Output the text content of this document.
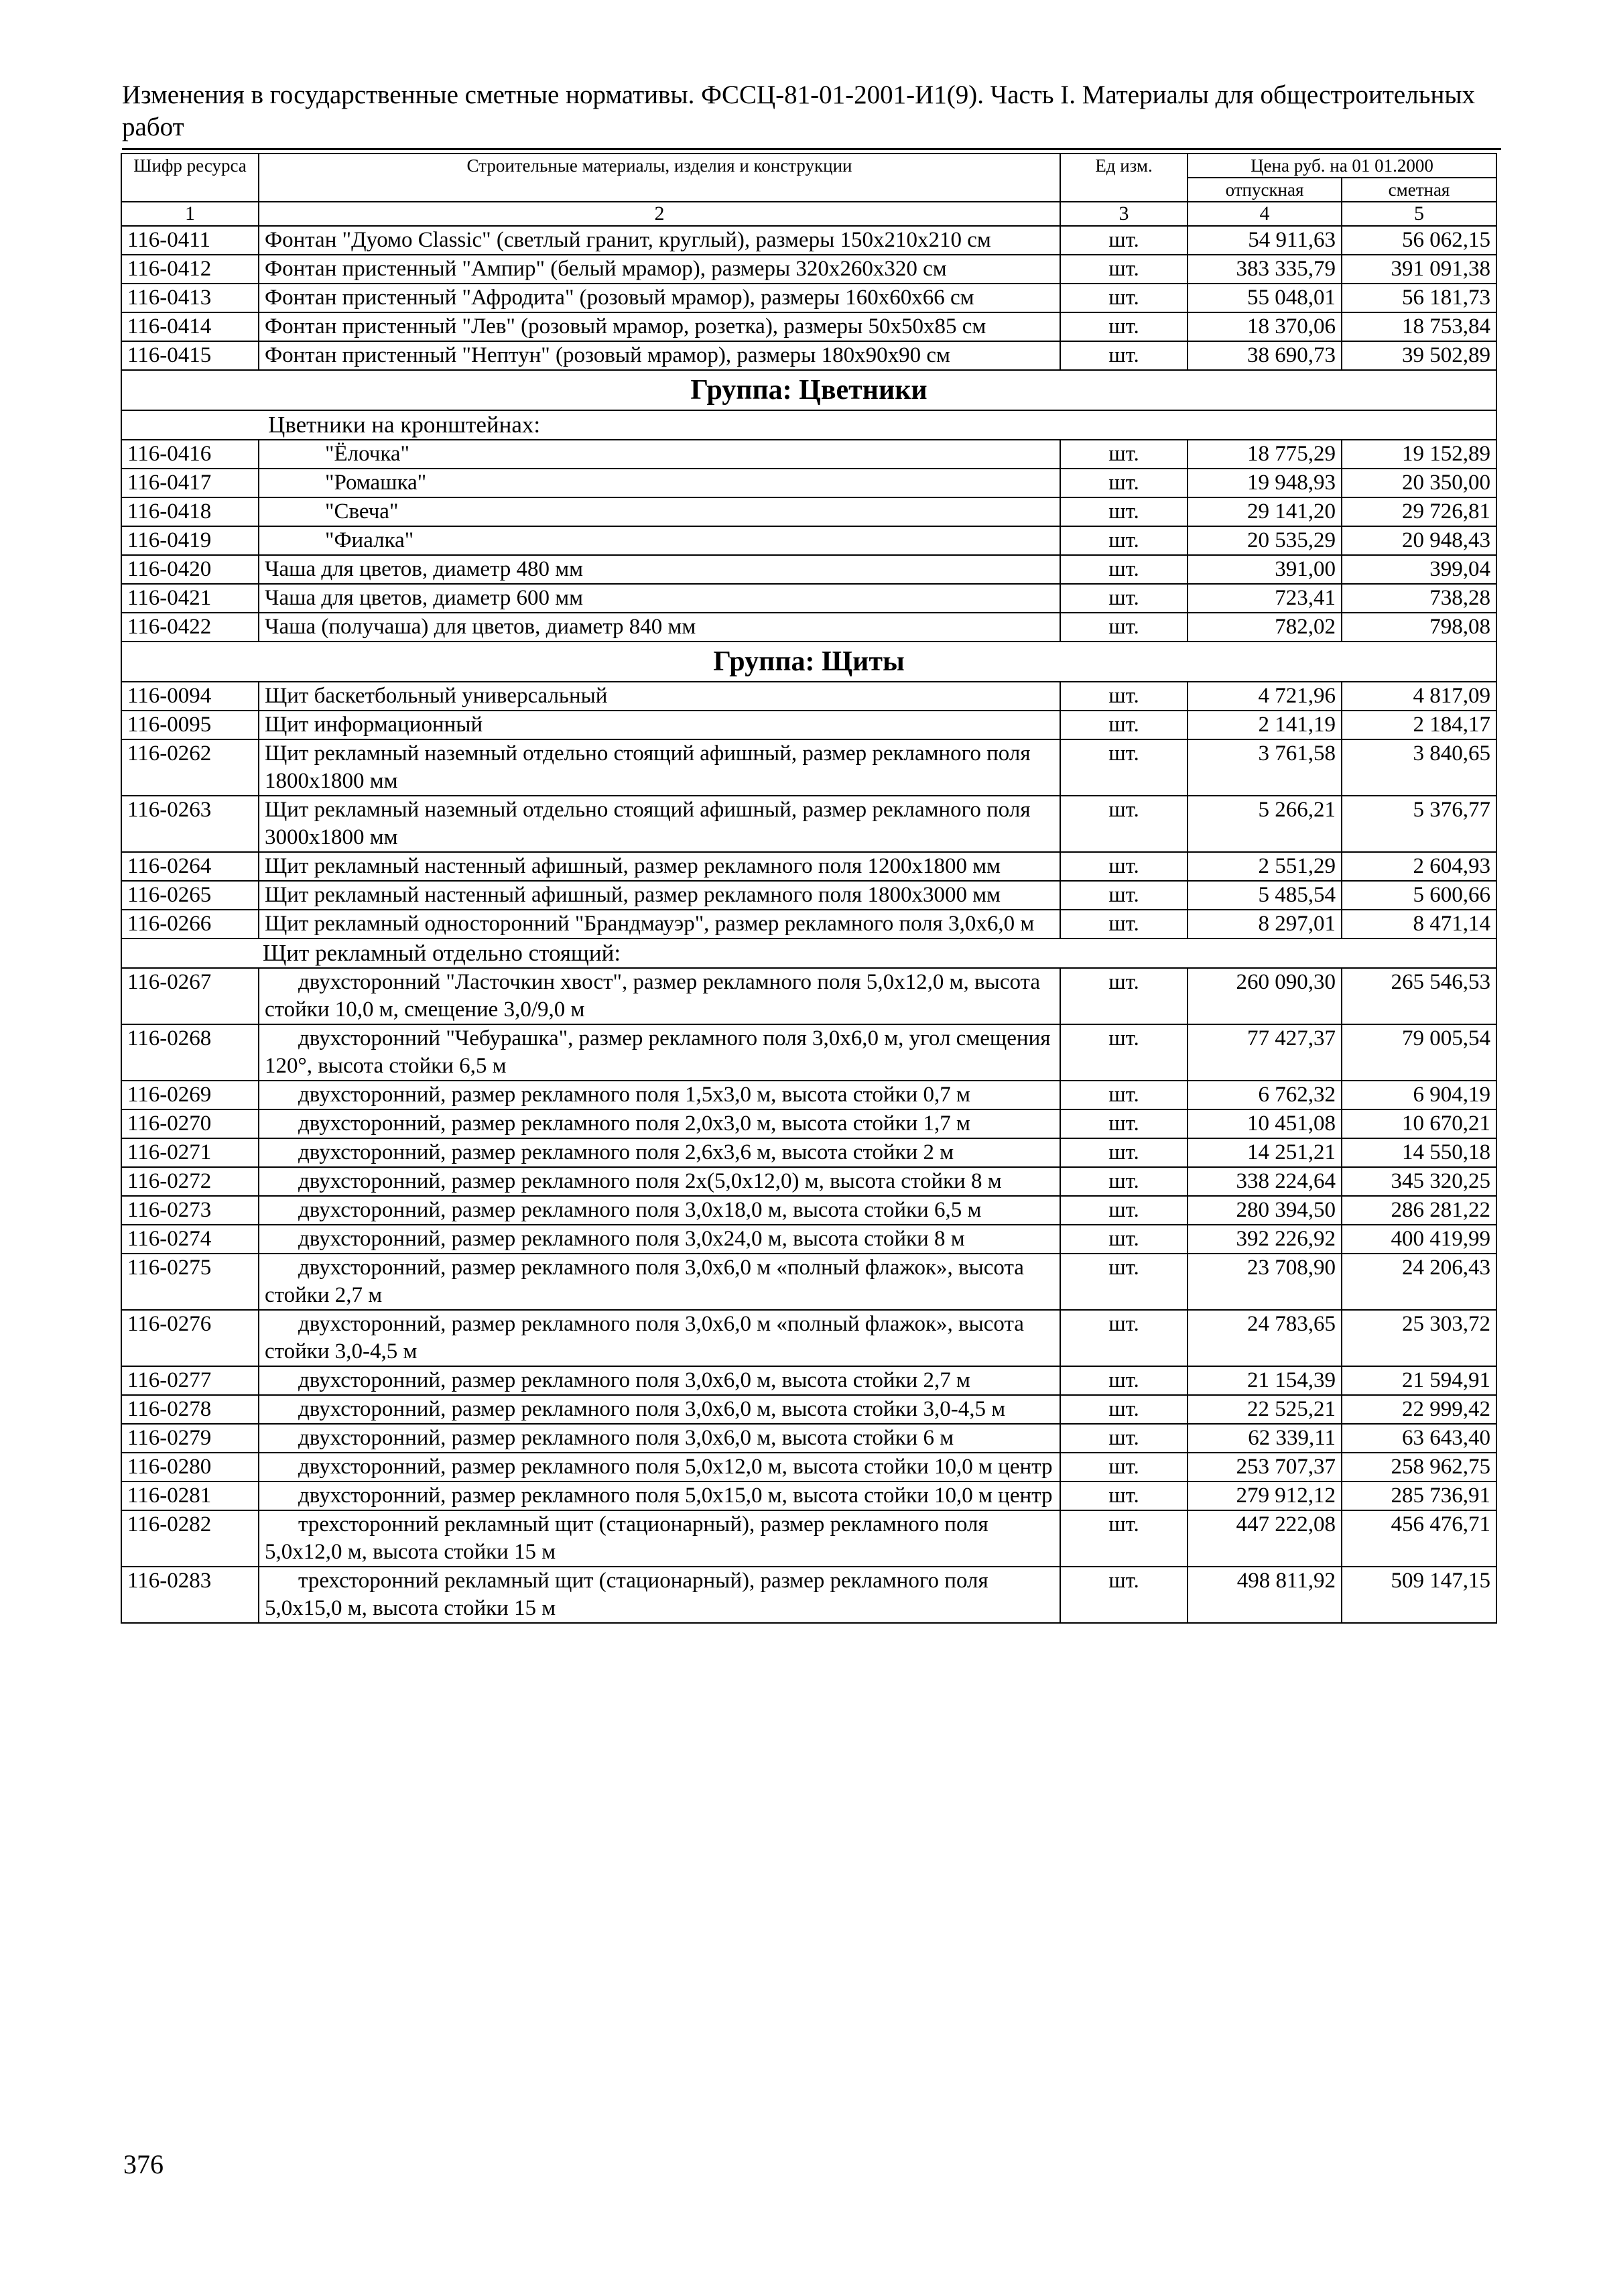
Изменения в государственные сметные нормативы. ФССЦ-81-01-2001-И1(9). Часть I. Материалы для общестроительных работ
Шифр ресурса	Строительные материалы, изделия и конструкции	Ед изм.	Цена руб. на 01 01.2000	
			отпускная	сметная
1	2	3	4	5
116-0411	Фонтан "Дуомо Classic" (светлый гранит, круглый), размеры 150х210х210 см	шт.	54 911,63	56 062,15
116-0412	Фонтан пристенный "Ампир" (белый мрамор), размеры 320х260х320 см	шт.	383 335,79	391 091,38
116-0413	Фонтан пристенный "Афродита" (розовый мрамор), размеры 160х60х66 см	шт.	55 048,01	56 181,73
116-0414	Фонтан пристенный "Лев" (розовый мрамор, розетка), размеры 50х50х85 см	шт.	18 370,06	18 753,84
116-0415	Фонтан пристенный "Нептун" (розовый мрамор), размеры 180х90х90 см	шт.	38 690,73	39 502,89
Группа: Цветники				
Цветники на кронштейнах:				
116-0416	"Ёлочка"	шт.	18 775,29	19 152,89
116-0417	"Ромашка"	шт.	19 948,93	20 350,00
116-0418	"Свеча"	шт.	29 141,20	29 726,81
116-0419	"Фиалка"	шт.	20 535,29	20 948,43
116-0420	Чаша для цветов, диаметр 480 мм	шт.	391,00	399,04
116-0421	Чаша для цветов, диаметр 600 мм	шт.	723,41	738,28
116-0422	Чаша (получаша) для цветов, диаметр 840 мм	шт.	782,02	798,08
Группа: Щиты				
116-0094	Щит баскетбольный универсальный	шт.	4 721,96	4 817,09
116-0095	Щит информационный	шт.	2 141,19	2 184,17
116-0262	Щит рекламный наземный отдельно стоящий афишный, размер рекламного поля 1800х1800 мм	шт.	3 761,58	3 840,65
116-0263	Щит рекламный наземный отдельно стоящий афишный, размер рекламного поля 3000х1800 мм	шт.	5 266,21	5 376,77
116-0264	Щит рекламный настенный афишный, размер рекламного поля 1200х1800 мм	шт.	2 551,29	2 604,93
116-0265	Щит рекламный настенный афишный, размер рекламного поля 1800х3000 мм	шт.	5 485,54	5 600,66
116-0266	Щит рекламный односторонний "Брандмауэр", размер рекламного поля 3,0х6,0 м	шт.	8 297,01	8 471,14
Щит рекламный отдельно стоящий:				
116-0267	двухсторонний "Ласточкин хвост", размер рекламного поля 5,0х12,0 м, высота стойки 10,0 м, смещение 3,0/9,0 м	шт.	260 090,30	265 546,53
116-0268	двухсторонний "Чебурашка", размер рекламного поля 3,0х6,0 м, угол смещения 120°, высота стойки 6,5 м	шт.	77 427,37	79 005,54
116-0269	двухсторонний, размер рекламного поля 1,5х3,0 м, высота стойки 0,7 м	шт.	6 762,32	6 904,19
116-0270	двухсторонний, размер рекламного поля 2,0х3,0 м, высота стойки 1,7 м	шт.	10 451,08	10 670,21
116-0271	двухсторонний, размер рекламного поля 2,6х3,6 м, высота стойки 2 м	шт.	14 251,21	14 550,18
116-0272	двухсторонний, размер рекламного поля 2х(5,0х12,0) м, высота стойки 8 м	шт.	338 224,64	345 320,25
116-0273	двухсторонний, размер рекламного поля 3,0х18,0 м, высота стойки 6,5 м	шт.	280 394,50	286 281,22
116-0274	двухсторонний, размер рекламного поля 3,0х24,0 м, высота стойки 8 м	шт.	392 226,92	400 419,99
116-0275	двухсторонний, размер рекламного поля 3,0х6,0 м «полный флажок», высота стойки 2,7 м	шт.	23 708,90	24 206,43
116-0276	двухсторонний, размер рекламного поля 3,0х6,0 м «полный флажок», высота стойки 3,0-4,5 м	шт.	24 783,65	25 303,72
116-0277	двухсторонний, размер рекламного поля 3,0х6,0 м, высота стойки 2,7 м	шт.	21 154,39	21 594,91
116-0278	двухсторонний, размер рекламного поля 3,0х6,0 м, высота стойки 3,0-4,5 м	шт.	22 525,21	22 999,42
116-0279	двухсторонний, размер рекламного поля 3,0х6,0 м, высота стойки 6 м	шт.	62 339,11	63 643,40
116-0280	двухсторонний, размер рекламного поля 5,0х12,0 м, высота стойки 10,0 м центр	шт.	253 707,37	258 962,75
116-0281	двухсторонний, размер рекламного поля 5,0х15,0 м, высота стойки 10,0 м центр	шт.	279 912,12	285 736,91
116-0282	трехсторонний рекламный щит (стационарный), размер рекламного поля 5,0х12,0 м, высота стойки 15 м	шт.	447 222,08	456 476,71
116-0283	трехсторонний рекламный щит (стационарный), размер рекламного поля 5,0х15,0 м, высота стойки 15 м	шт.	498 811,92	509 147,15
376
